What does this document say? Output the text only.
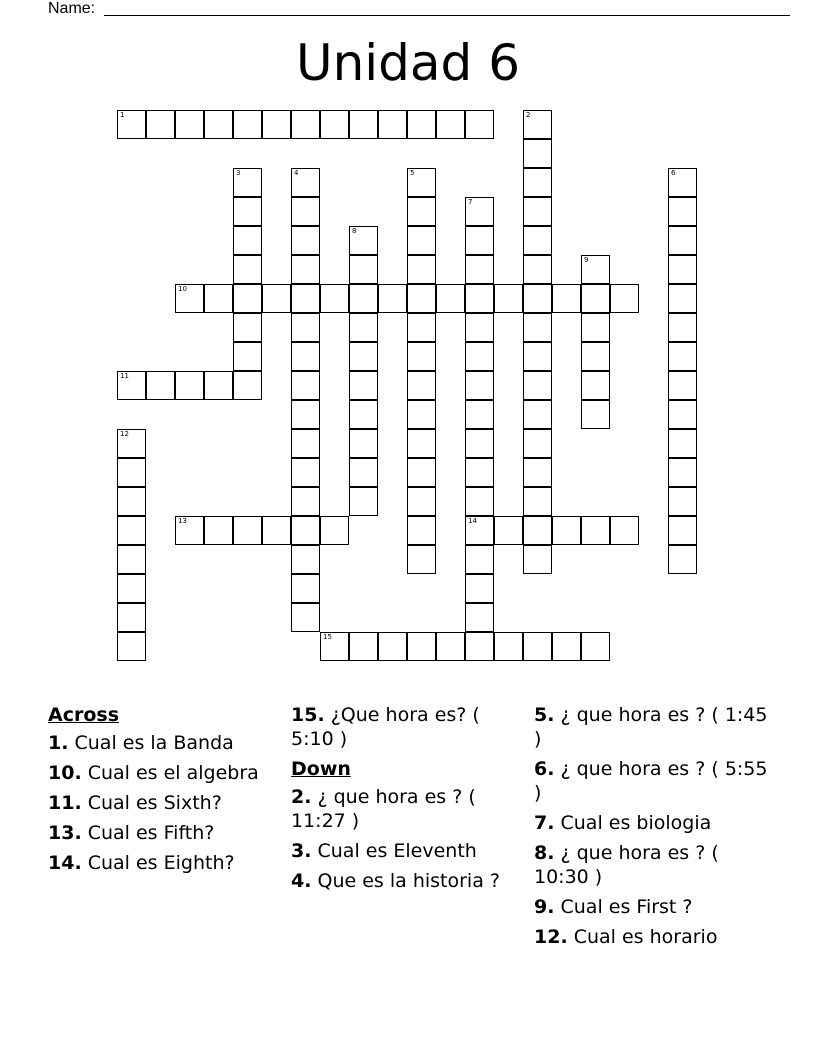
Name:
Unidad 6
1	2
3	4	5	6
7
14
8
9
10
11
12
13
15
Across
1. Cual es la Banda
10. Cual es el algebra
11. Cual es Sixth?
13. Cual es Fifth?
14. Cual es Eighth?
15. ¿Que hora es? ( 5:10 )
Down
2. ¿ que hora es ? ( 11:27 )
3. Cual es Eleventh
4. Que es la historia ?
5. ¿ que hora es ? ( 1:45 )
6. ¿ que hora es ? ( 5:55 )
7. Cual es biologia
8. ¿ que hora es ? ( 10:30 )
9. Cual es First ?
12. Cual es horario
